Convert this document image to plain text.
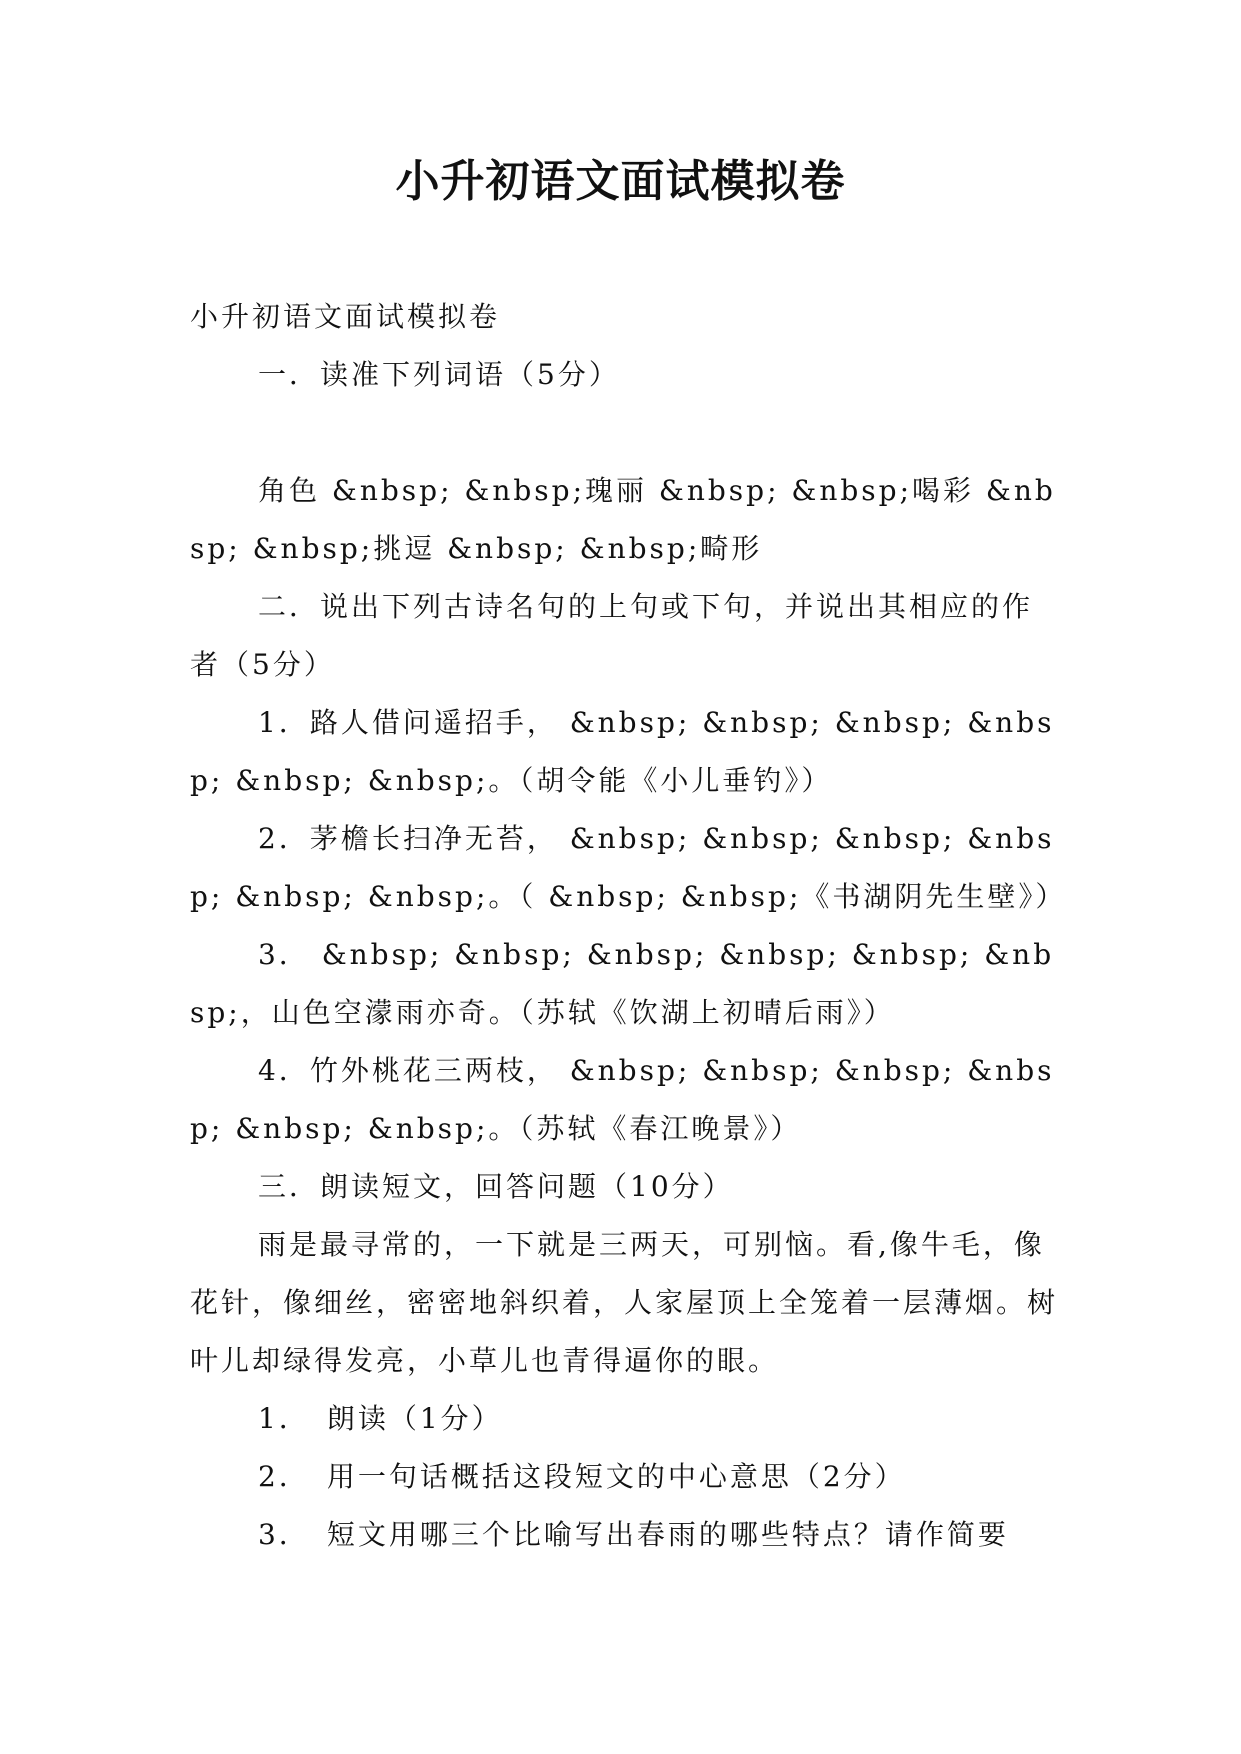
小升初语文面试模拟卷

小升初语文面试模拟卷

一．读准下列词语（5分）

角色 &nbsp; &nbsp;瑰丽 &nbsp; &nbsp;喝彩 &nbsp; &nbsp;挑逗 &nbsp; &nbsp;畸形

二．说出下列古诗名句的上句或下句，并说出其相应的作者（5分）

1．路人借问遥招手， &nbsp; &nbsp; &nbsp; &nbsp; &nbsp; &nbsp;。（胡令能《小儿垂钓》）

2．茅檐长扫净无苔， &nbsp; &nbsp; &nbsp; &nbsp; &nbsp; &nbsp;。（ &nbsp; &nbsp;《书湖阴先生壁》）

3． &nbsp; &nbsp; &nbsp; &nbsp; &nbsp; &nbsp;，山色空濛雨亦奇。（苏轼《饮湖上初晴后雨》）

4．竹外桃花三两枝， &nbsp; &nbsp; &nbsp; &nbsp; &nbsp; &nbsp;。（苏轼《春江晚景》）

三．朗读短文，回答问题（10分）

雨是最寻常的，一下就是三两天，可别恼。看,像牛毛，像花针，像细丝，密密地斜织着，人家屋顶上全笼着一层薄烟。树叶儿却绿得发亮，小草儿也青得逼你的眼。

1．　朗读（1分）

2．　用一句话概括这段短文的中心意思（2分）

3．　短文用哪三个比喻写出春雨的哪些特点？请作简要
